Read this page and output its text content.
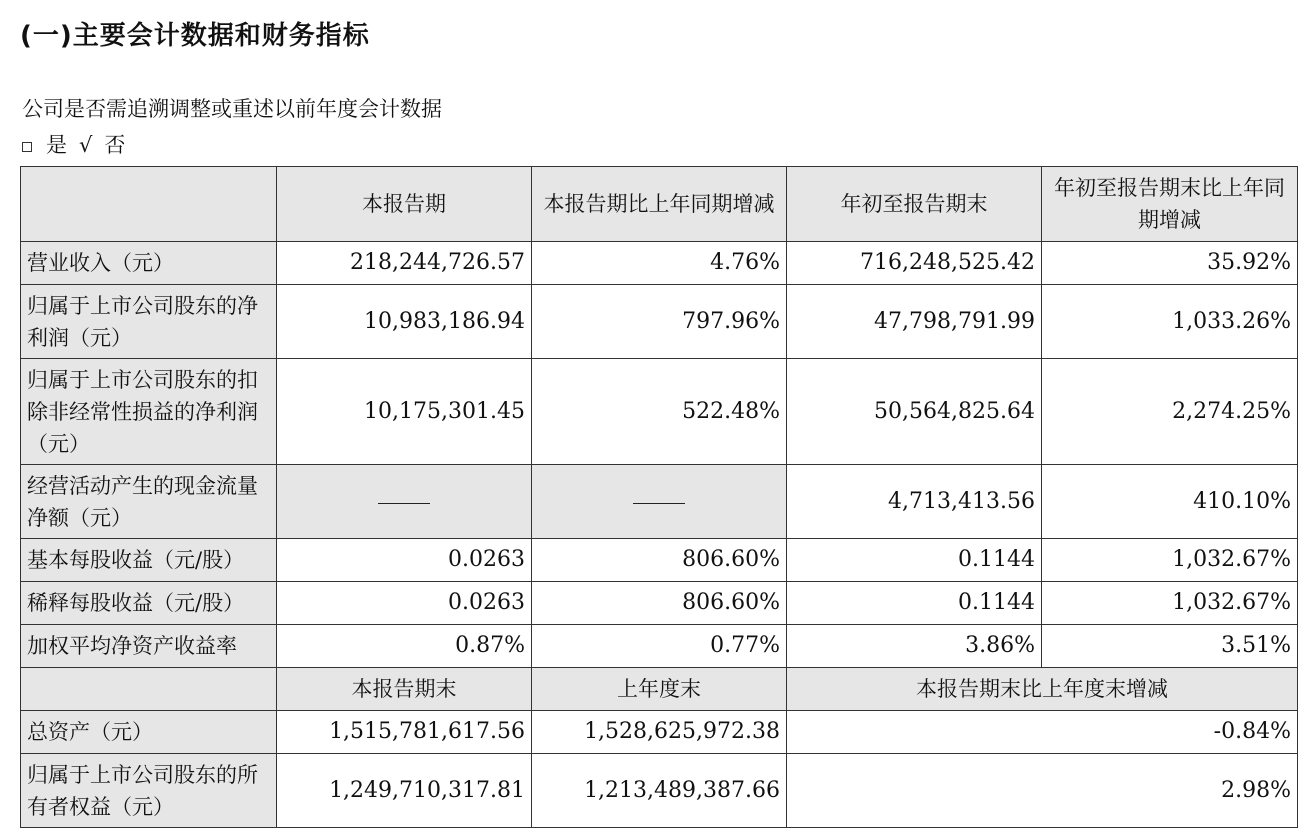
(一)主要会计数据和财务指标
公司是否需追溯调整或重述以前年度会计数据
是 √ 否
	本报告期	本报告期比上年同期增减	年初至报告期末	年初至报告期末比上年同期增减
营业收入（元）	218,244,726.57	4.76%	716,248,525.42	35.92%
归属于上市公司股东的净利润（元）	10,983,186.94	797.96%	47,798,791.99	1,033.26%
归属于上市公司股东的扣除非经常性损益的净利润（元）	10,175,301.45	522.48%	50,564,825.64	2,274.25%
经营活动产生的现金流量净额（元）			4,713,413.56	410.10%
基本每股收益（元/股）	0.0263	806.60%	0.1144	1,032.67%
稀释每股收益（元/股）	0.0263	806.60%	0.1144	1,032.67%
加权平均净资产收益率	0.87%	0.77%	3.86%	3.51%
	本报告期末	上年度末	本报告期末比上年度末增减	
总资产（元）	1,515,781,617.56	1,528,625,972.38	-0.84%	
归属于上市公司股东的所有者权益（元）	1,249,710,317.81	1,213,489,387.66	2.98%	
